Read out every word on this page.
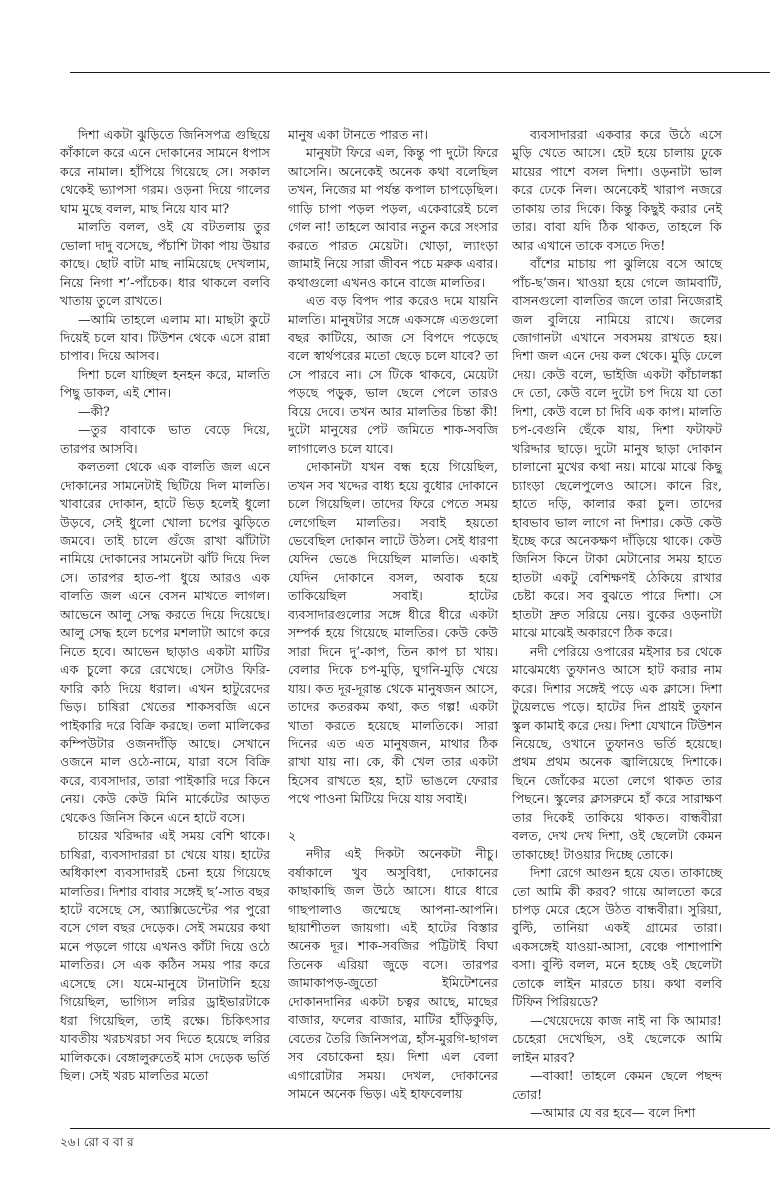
দিশা একটা ঝুড়িতে জিনিসপত্র গুছিয়ে কাঁকালে করে এনে দোকানের সামনে ধপাস করে নামাল। হাঁপিয়ে গিয়েছে সে। সকাল থেকেই ভ্যাপসা গরম। ওড়না দিয়ে গালের ঘাম মুছে বলল, মাছ নিয়ে যাব মা?

মালতি বলল, ওই যে বটতলায় তুর ভোলা দাদু বসেছে, পঁচাশি টাকা পায় উয়ার কাছে। ছোট বাটা মাছ নামিয়েছে দেখলাম, নিয়ে নিগা শ’-পাঁচেক। ধার থাকলে বলবি খাতায় তুলে রাখতে।

—আমি তাহলে এলাম মা। মাছটা কুটে দিয়েই চলে যাব। টিউশন থেকে এসে রান্না চাপাব। দিয়ে আসব।

দিশা চলে যাচ্ছিল হনহন করে, মালতি পিছু ডাকল, এই শোন।

—কী?

—তুর বাবাকে ভাত বেড়ে দিয়ে, তারপর আসবি।

কলতলা থেকে এক বালতি জল এনে দোকানের সামনেটাই ছিটিয়ে দিল মালতি। খাবারের দোকান, হাটে ভিড় হলেই ধুলো উড়বে, সেই ধুলো খোলা চপের ঝুড়িতে জমবে। তাই চালে গুঁজে রাখা ঝাঁটাটা নামিয়ে দোকানের সামনেটা ঝাঁট দিয়ে দিল সে। তারপর হাত-পা ধুয়ে আরও এক বালতি জল এনে বেসন মাখতে লাগল। আভেনে আলু সেদ্ধ করতে দিয়ে দিয়েছে। আলু সেদ্ধ হলে চপের মশলাটা আগে করে নিতে হবে। আভেন ছাড়াও একটা মাটির এক চুলো করে রেখেছে। সেটাও ফিরি-ফারি কাঠ দিয়ে ধরাল। এখন হাটুরেদের ভিড়। চাষিরা খেতের শাকসবজি এনে পাইকারি দরে বিক্রি করছে। তলা মালিকের কম্পিউটার ওজনদাঁড়ি আছে। সেখানে ওজনে মাল ওঠে-নামে, যারা বসে বিক্রি করে, ব্যবসাদার, তারা পাইকারি দরে কিনে নেয়। কেউ কেউ মিনি মার্কেটের আড়ত থেকেও জিনিস কিনে এনে হাটে বসে।

চায়ের খরিদ্দার এই সময় বেশি থাকে। চাষিরা, ব্যবসাদাররা চা খেয়ে যায়। হাটের অধিকাংশ ব্যবসাদারই চেনা হয়ে গিয়েছে মালতির। দিশার বাবার সঙ্গেই ছ’-সাত বছর হাটে বসেছে সে, অ্যাক্সিডেন্টের পর পুরো বসে গেল বছর দেড়েক। সেই সময়ের কথা মনে পড়লে গায়ে এখনও কাঁটা দিয়ে ওঠে মালতির। সে এক কঠিন সময় পার করে এসেছে সে। যমে-মানুষে টানাটানি হয়ে গিয়েছিল, ভাগ্যিস লরির ড্রাইভারটাকে ধরা গিয়েছিল, তাই রক্ষে। চিকিৎসার যাবতীয় খরচখরচা সব দিতে হয়েছে লরির মালিককে। বেঙ্গালুরুতেই মাস দেড়েক ভর্তি ছিল। সেই খরচ মালতির মতো

মানুষ একা টানতে পারত না।

মানুষটা ফিরে এল, কিন্তু পা দুটো ফিরে আসেনি। অনেকেই অনেক কথা বলেছিল তখন, নিজের মা পর্যন্ত কপাল চাপড়েছিল। গাড়ি চাপা পড়ল পড়ল, একেবারেই চলে গেল না! তাহলে আবার নতুন করে সংসার করতে পারত মেয়েটা। খোড়া, ল্যাংড়া জামাই নিয়ে সারা জীবন পচে মরুক এবার। কথাগুলো এখনও কানে বাজে মালতির।

এত বড় বিপদ পার করেও দমে যায়নি মালতি। মানুষটার সঙ্গে একসঙ্গে এতগুলো বছর কাটিয়ে, আজ সে বিপদে পড়েছে বলে স্বার্থপরের মতো ছেড়ে চলে যাবে? তা সে পারবে না। সে টিকে থাকবে, মেয়েটা পড়ছে পড়ুক, ভাল ছেলে পেলে তারও বিয়ে দেবে। তখন আর মালতির চিন্তা কী! দুটো মানুষের পেট জমিতে শাক-সবজি লাগালেও চলে যাবে।

দোকানটা যখন বন্ধ হয়ে গিয়েছিল, তখন সব খদ্দের বাধ্য হয়ে বুধোর দোকানে চলে গিয়েছিল। তাদের ফিরে পেতে সময় লেগেছিল মালতির। সবাই হয়তো ভেবেছিল দোকান লাটে উঠল। সেই ধারণা যেদিন ভেঙে দিয়েছিল মালতি। একাই যেদিন দোকানে বসল, অবাক হয়ে তাকিয়েছিল সবাই। হাটের ব্যবসাদারগুলোর সঙ্গে ধীরে ধীরে একটা সম্পর্ক হয়ে গিয়েছে মালতির। কেউ কেউ সারা দিনে দু’-কাপ, তিন কাপ চা খায়। বেলার দিকে চপ-মুড়ি, ঘুগনি-মুড়ি খেয়ে যায়। কত দূর-দূরান্ত থেকে মানুষজন আসে, তাদের কতরকম কথা, কত গল্প! একটা খাতা করতে হয়েছে মালতিকে। সারা দিনের এত এত মানুষজন, মাথার ঠিক রাখা যায় না। কে, কী খেল তার একটা হিসেব রাখতে হয়, হাট ভাঙলে ফেরার পথে পাওনা মিটিয়ে দিয়ে যায় সবাই।

২

নদীর এই দিকটা অনেকটা নীচু। বর্ষাকালে খুব অসুবিধা, দোকানের কাছাকাছি জল উঠে আসে। ধারে ধারে গাছপালাও জম্মেছে আপনা-আপনি। ছায়াশীতল জায়গা। এই হাটের বিস্তার অনেক দূর। শাক-সবজির পট্টিটাই বিঘা তিনেক এরিয়া জুড়ে বসে। তারপর জামাকাপড়-জুতো ইমিটেশনের দোকানদানির একটা চত্বর আছে, মাছের বাজার, ফলের বাজার, মাটির হাঁড়িকুড়ি, বেতের তৈরি জিনিসপত্র, হাঁস-মুরগি-ছাগল সব বেচাকেনা হয়। দিশা এল বেলা এগারোটার সময়। দেখল, দোকানের সামনে অনেক ভিড়। এই হাফবেলায়

ব্যবসাদাররা একবার করে উঠে এসে মুড়ি খেতে আসে। হেট হয়ে চালায় ঢুকে মায়ের পাশে বসল দিশা। ওড়নাটা ভাল করে ঢেকে নিল। অনেকেই খারাপ নজরে তাকায় তার দিকে। কিন্তু কিছুই করার নেই তার। বাবা যদি ঠিক থাকত, তাহলে কি আর এখানে তাকে বসতে দিত!

বাঁশের মাচায় পা ঝুলিয়ে বসে আছে পাঁচ-ছ’জন। খাওয়া হয়ে গেলে জামবাটি, বাসনগুলো বালতির জলে তারা নিজেরাই জল বুলিয়ে নামিয়ে রাখে। জলের জোগানটা এখানে সবসময় রাখতে হয়। দিশা জল এনে দেয় কল থেকে। মুড়ি ঢেলে দেয়। কেউ বলে, ভাইজি একটা কাঁচালঙ্কা দে তো, কেউ বলে দুটো চপ দিয়ে যা তো দিশা, কেউ বলে চা দিবি এক কাপ। মালতি চপ-বেগুনি ছেঁকে যায়, দিশা ফটাফট খরিদ্দার ছাড়ে। দুটো মানুষ ছাড়া দোকান চালানো মুখের কথা নয়। মাঝে মাঝে কিছু চ্যাংড়া ছেলেপুলেও আসে। কানে রিং, হাতে দড়ি, কালার করা চুল। তাদের হাবভাব ভাল লাগে না দিশার। কেউ কেউ ইচ্ছে করে অনেকক্ষণ দাঁড়িয়ে থাকে। কেউ জিনিস কিনে টাকা মেটানোর সময় হাতে হাতটা একটু বেশিক্ষণই ঠেকিয়ে রাখার চেষ্টা করে। সব বুঝতে পারে দিশা। সে হাতটা দ্রুত সরিয়ে নেয়। বুকের ওড়নাটা মাঝে মাঝেই অকারণে ঠিক করে।

নদী পেরিয়ে ওপারের মইসার চর থেকে মাঝেমধ্যে তুফানও আসে হাট করার নাম করে। দিশার সঙ্গেই পড়ে এক ক্লাসে। দিশা টুয়েলভে পড়ে। হাটের দিন প্রায়ই তুফান স্কুল কামাই করে দেয়। দিশা যেখানে টিউশন নিয়েছে, ওখানে তুফানও ভর্তি হয়েছে। প্রথম প্রথম অনেক জ্বালিয়েছে দিশাকে। ছিনে জোঁকের মতো লেগে থাকত তার পিছনে। স্কুলের ক্লাসরুমে হাঁ করে সারাক্ষণ তার দিকেই তাকিয়ে থাকত। বান্ধবীরা বলত, দেখ দেখ দিশা, ওই ছেলেটা কেমন তাকাচ্ছে! টাওয়ার দিচ্ছে তোকে।

দিশা রেগে আগুন হয়ে যেত। তাকাচ্ছে তো আমি কী করব? গায়ে আলতো করে চাপড় মেরে হেসে উঠত বান্ধবীরা। সুরিয়া, বুল্টি, তানিয়া একই গ্রামের তারা। একসঙ্গেই যাওয়া-আসা, বেঞ্চে পাশাপাশি বসা। বুল্টি বলল, মনে হচ্ছে ওই ছেলেটা তোকে লাইন মারতে চায়। কথা বলবি টিফিন পিরিয়ডে?

—খেয়েদেয়ে কাজ নাই না কি আমার! চেহেরা দেখেছিস, ওই ছেলেকে আমি লাইন মারব?

—বাব্বা! তাহলে কেমন ছেলে পছন্দ তোর!

—আমার যে বর হবে— বলে দিশা

২৬। রো ব বা র
